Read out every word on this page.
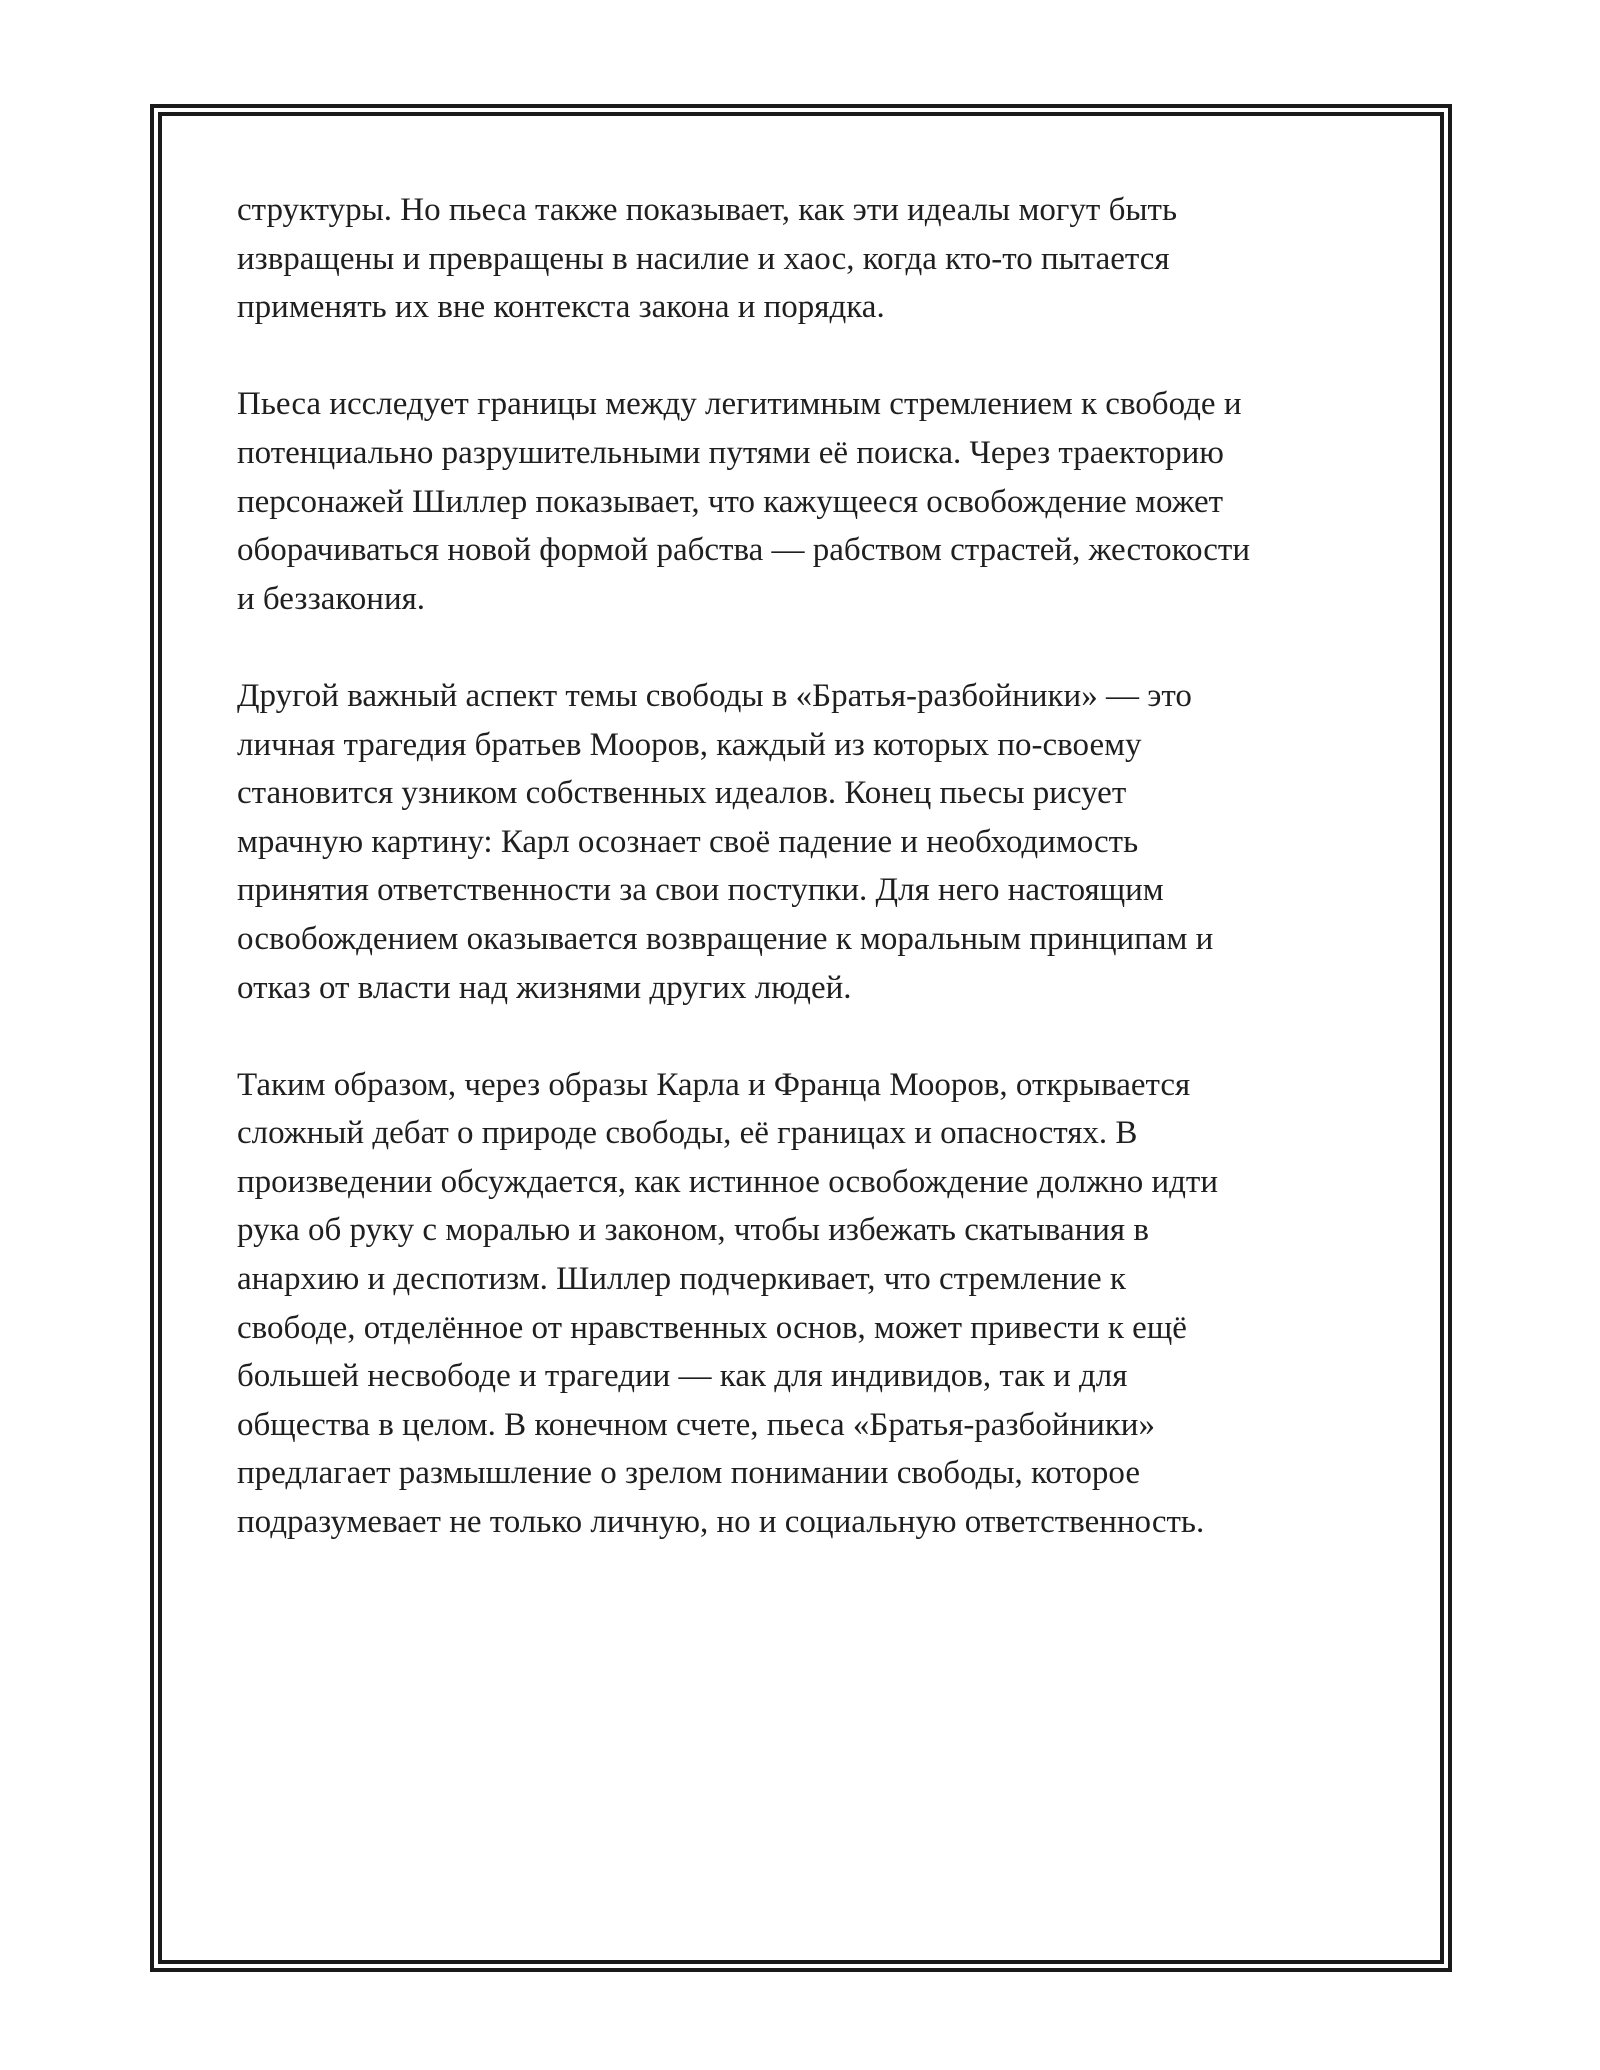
структуры. Но пьеса также показывает, как эти идеалы могут быть
извращены и превращены в насилие и хаос, когда кто-то пытается
применять их вне контекста закона и порядка.

Пьеса исследует границы между легитимным стремлением к свободе и
потенциально разрушительными путями её поиска. Через траекторию
персонажей Шиллер показывает, что кажущееся освобождение может
оборачиваться новой формой рабства — рабством страстей, жестокости
и беззакония.

Другой важный аспект темы свободы в «Братья-разбойники» — это
личная трагедия братьев Мооров, каждый из которых по-своему
становится узником собственных идеалов. Конец пьесы рисует
мрачную картину: Карл осознает своё падение и необходимость
принятия ответственности за свои поступки. Для него настоящим
освобождением оказывается возвращение к моральным принципам и
отказ от власти над жизнями других людей.

Таким образом, через образы Карла и Франца Мооров, открывается
сложный дебат о природе свободы, её границах и опасностях. В
произведении обсуждается, как истинное освобождение должно идти
рука об руку с моралью и законом, чтобы избежать скатывания в
анархию и деспотизм. Шиллер подчеркивает, что стремление к
свободе, отделённое от нравственных основ, может привести к ещё
большей несвободе и трагедии — как для индивидов, так и для
общества в целом. В конечном счете, пьеса «Братья-разбойники»
предлагает размышление о зрелом понимании свободы, которое
подразумевает не только личную, но и социальную ответственность.
